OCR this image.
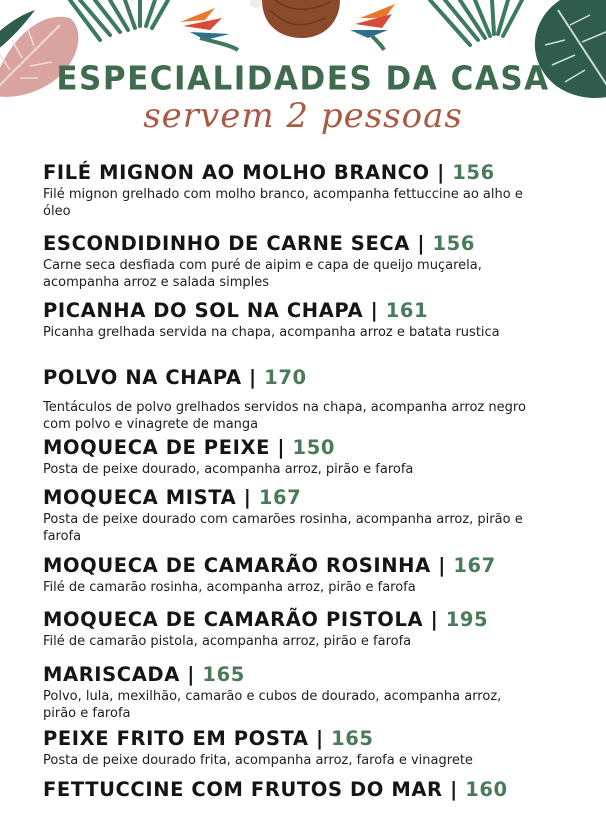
ESPECIALIDADES DA CASA
servem 2 pessoas
FILÉ MIGNON AO MOLHO BRANCO | 156
Filé mignon grelhado com molho branco, acompanha fettuccine ao alho e óleo
ESCONDIDINHO DE CARNE SECA | 156
Carne seca desfiada com puré de aipim e capa de queijo muçarela, acompanha arroz e salada simples
PICANHA DO SOL NA CHAPA | 161
Picanha grelhada servida na chapa, acompanha arroz e batata rustica
POLVO NA CHAPA | 170
Tentáculos de polvo grelhados servidos na chapa, acompanha arroz negro com polvo e vinagrete de manga
MOQUECA DE PEIXE | 150
Posta de peixe dourado, acompanha arroz, pirão e farofa
MOQUECA MISTA | 167
Posta de peixe dourado com camarões rosinha, acompanha arroz, pirão e farofa
MOQUECA DE CAMARÃO ROSINHA | 167
Filé de camarão rosinha, acompanha arroz, pirão e farofa
MOQUECA DE CAMARÃO PISTOLA | 195
Filé de camarão pistola, acompanha arroz, pirão e farofa
MARISCADA | 165
Polvo, lula, mexilhão, camarão e cubos de dourado, acompanha arroz, pirão e farofa
PEIXE FRITO EM POSTA | 165
Posta de peixe dourado frita, acompanha arroz, farofa e vinagrete
FETTUCCINE COM FRUTOS DO MAR | 160
